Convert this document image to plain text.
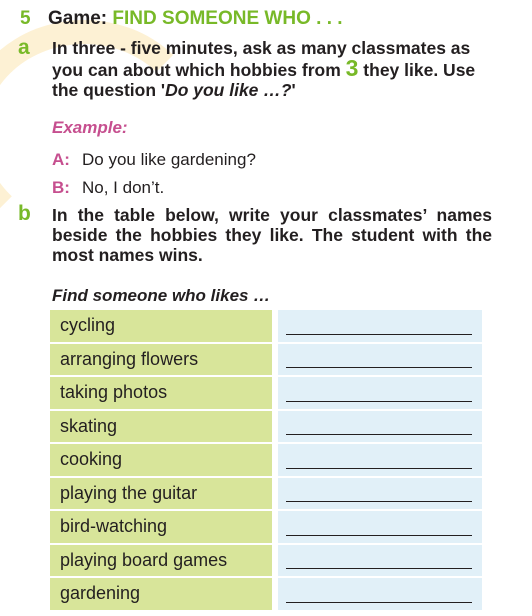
5 Game: FIND SOMEONE WHO . . .
a In three - five minutes, ask as many classmates as you can about which hobbies from 3 they like. Use the question 'Do you like …?'
Example:
A: Do you like gardening?
B: No, I don’t.
b In the table below, write your classmates’ names beside the hobbies they like. The student with the most names wins.
Find someone who likes …
cycling		

arranging flowers		

taking photos		

skating		

cooking		

playing the guitar		

bird-watching		

playing board games		

gardening		
